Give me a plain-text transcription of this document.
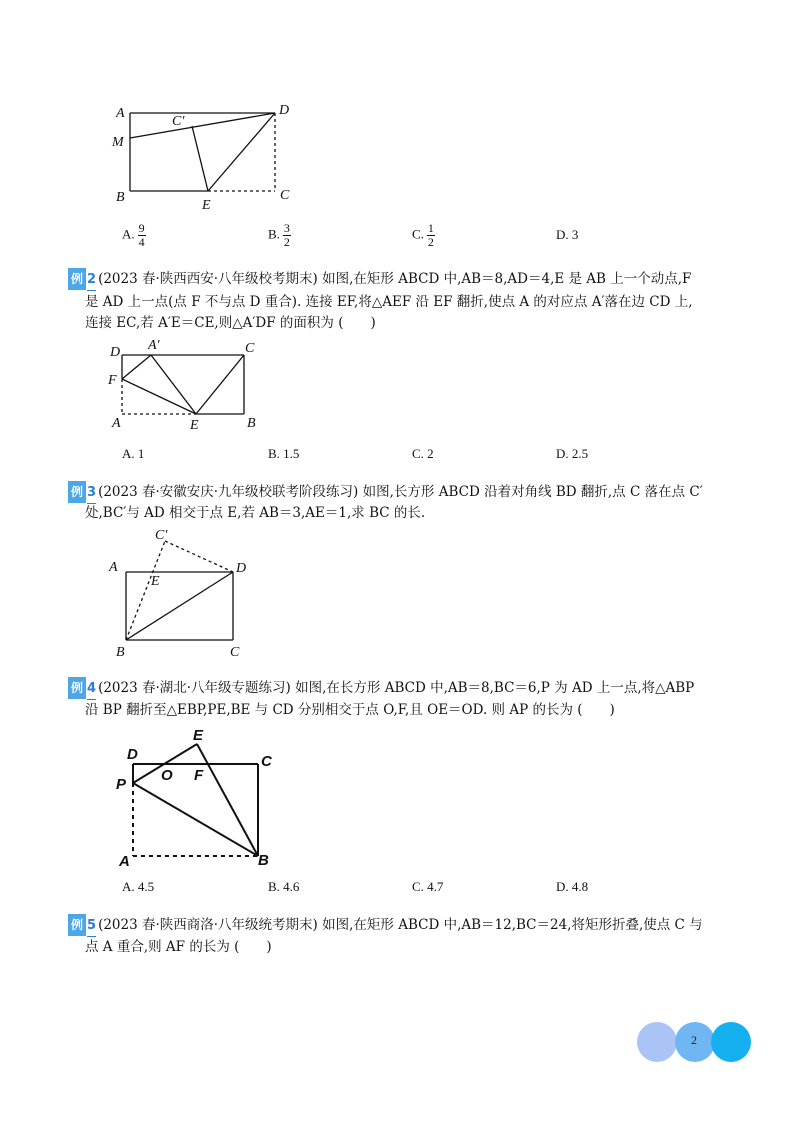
A	D
C′
M
B
E
C
A. $\frac{9}{4}$	B. $\frac{3}{2}$	C. $\frac{1}{2}$	D. 3
例 2 (2023 春·陕西西安·八年级校考期末) 如图,在矩形 ABCD 中,AB＝8,AD＝4,E 是 AB 上一个动点,F
是 AD 上一点(点 F 不与点 D 重合). 连接 EF,将△AEF 沿 EF 翻折,使点 A 的对应点 A′落在边 CD 上,
连接 EC,若 A′E＝CE,则△A′DF 的面积为 (　　)
D A′	C
F
A	E	B
A. 1	B. 1.5	C. 2	D. 2.5
例 3 (2023 春·安徽安庆·九年级校联考阶段练习) 如图,长方形 ABCD 沿着对角线 BD 翻折,点 C 落在点 C′
处,BC′与 AD 相交于点 E,若 AB＝3,AE＝1,求 BC 的长.
C′
A
E
D
B	C
例 4 (2023 春·湖北·八年级专题练习) 如图,在长方形 ABCD 中,AB＝8,BC＝6,P 为 AD 上一点,将△ABP
沿 BP 翻折至△EBP,PE,BE 与 CD 分别相交于点 O,F,且 OE＝OD. 则 AP 的长为 (　　)
E
D	C
O F
P
A	B
A. 4.5	B. 4.6	C. 4.7	D. 4.8
例 5 (2023 春·陕西商洛·八年级统考期末) 如图,在矩形 ABCD 中,AB＝12,BC＝24,将矩形折叠,使点 C 与
点 A 重合,则 AF 的长为 (　　)
2
